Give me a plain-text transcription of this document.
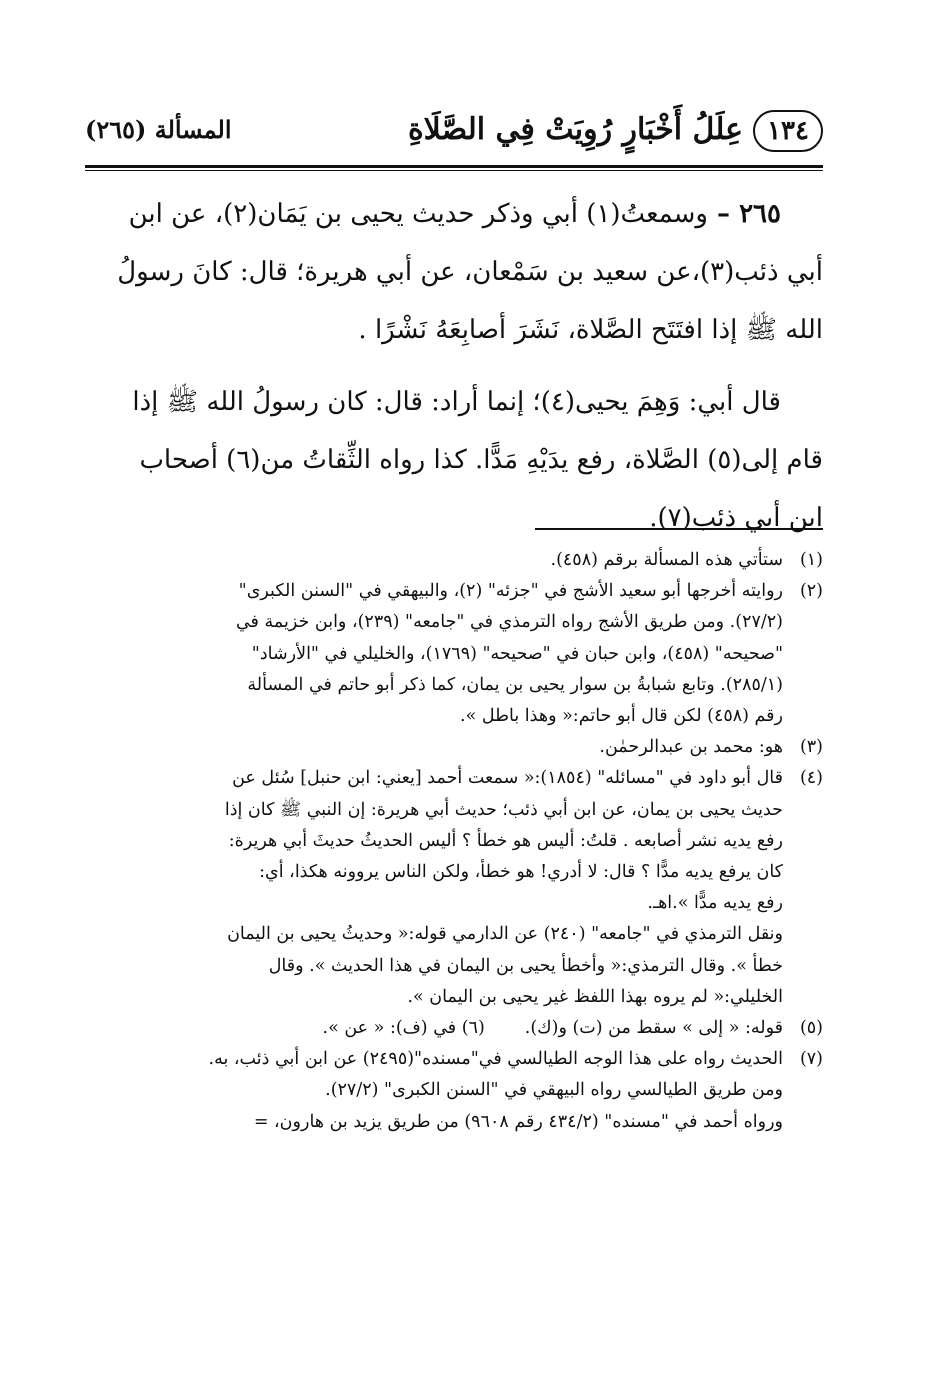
١٣٤عِلَلُ أَخْبَارٍ رُوِيَتْ فِي الصَّلَاةِ
المسألة (٢٦٥)

٢٦٥ – وسمعتُ(١) أبي وذكر حديث يحيى بن يَمَان(٢)، عن ابن
أبي ذئب(٣)،عن سعيد بن سَمْعان، عن أبي هريرة؛ قال: كانَ رسولُ
الله ﷺ إذا افتَتَح الصَّلاة، نَشَرَ أصابِعَهُ نَشْرًا .

قال أبي: وَهِمَ يحيى(٤)؛ إنما أراد: قال: كان رسولُ الله ﷺ إذا
قام إلى(٥) الصَّلاة، رفع يدَيْهِ مَدًّا. كذا رواه الثِّقاتُ من(٦) أصحاب
ابن أبي ذئب(٧).

(١)
ستأتي هذه المسألة برقم (٤٥٨).
(٢)
روايته أخرجها أبو سعيد الأشج في "جزئه" (٢)، والبيهقي في "السنن الكبرى"
(٢٧/٢). ومن طريق الأشج رواه الترمذي في "جامعه" (٢٣٩)، وابن خزيمة في
"صحيحه" (٤٥٨)، وابن حبان في "صحيحه" (١٧٦٩)، والخليلي في "الأرشاد"
(٢٨٥/١). وتابع شبابةُ بن سوار يحيى بن يمان، كما ذكر أبو حاتم في المسألة
رقم (٤٥٨) لكن قال أبو حاتم:« وهذا باطل ».
(٣)
هو: محمد بن عبدالرحمٰن.
(٤)
قال أبو داود في "مسائله" (١٨٥٤):« سمعت أحمد [يعني: ابن حنبل] سُئل عن
حديث يحيى بن يمان، عن ابن أبي ذئب؛ حديث أبي هريرة: إن النبي ﷺ كان إذا
رفع يديه نشر أصابعه . قلتُ: أليس هو خطأ ؟ أليس الحديثُ حديثَ أبي هريرة:
كان يرفع يديه مدًّا ؟ قال: لا أدري! هو خطأ، ولكن الناس يروونه هكذا، أي:
رفع يديه مدًّا ».اهـ.
ونقل الترمذي في "جامعه" (٢٤٠) عن الدارمي قوله:« وحديثُ يحيى بن اليمان
خطأ ». وقال الترمذي:« وأخطأ يحيى بن اليمان في هذا الحديث ». وقال
الخليلي:« لم يروه بهذا اللفظ غير يحيى بن اليمان ».
(٥)
قوله: « إلى » سقط من (ت) و(ك).(٦) في (ف): « عن ».
(٧)
الحديث رواه على هذا الوجه الطيالسي في"مسنده"(٢٤٩٥) عن ابن أبي ذئب، به.
ومن طريق الطيالسي رواه البيهقي في "السنن الكبرى" (٢٧/٢).
ورواه أحمد في "مسنده" (٤٣٤/٢ رقم ٩٦٠٨) من طريق يزيد بن هارون، =
